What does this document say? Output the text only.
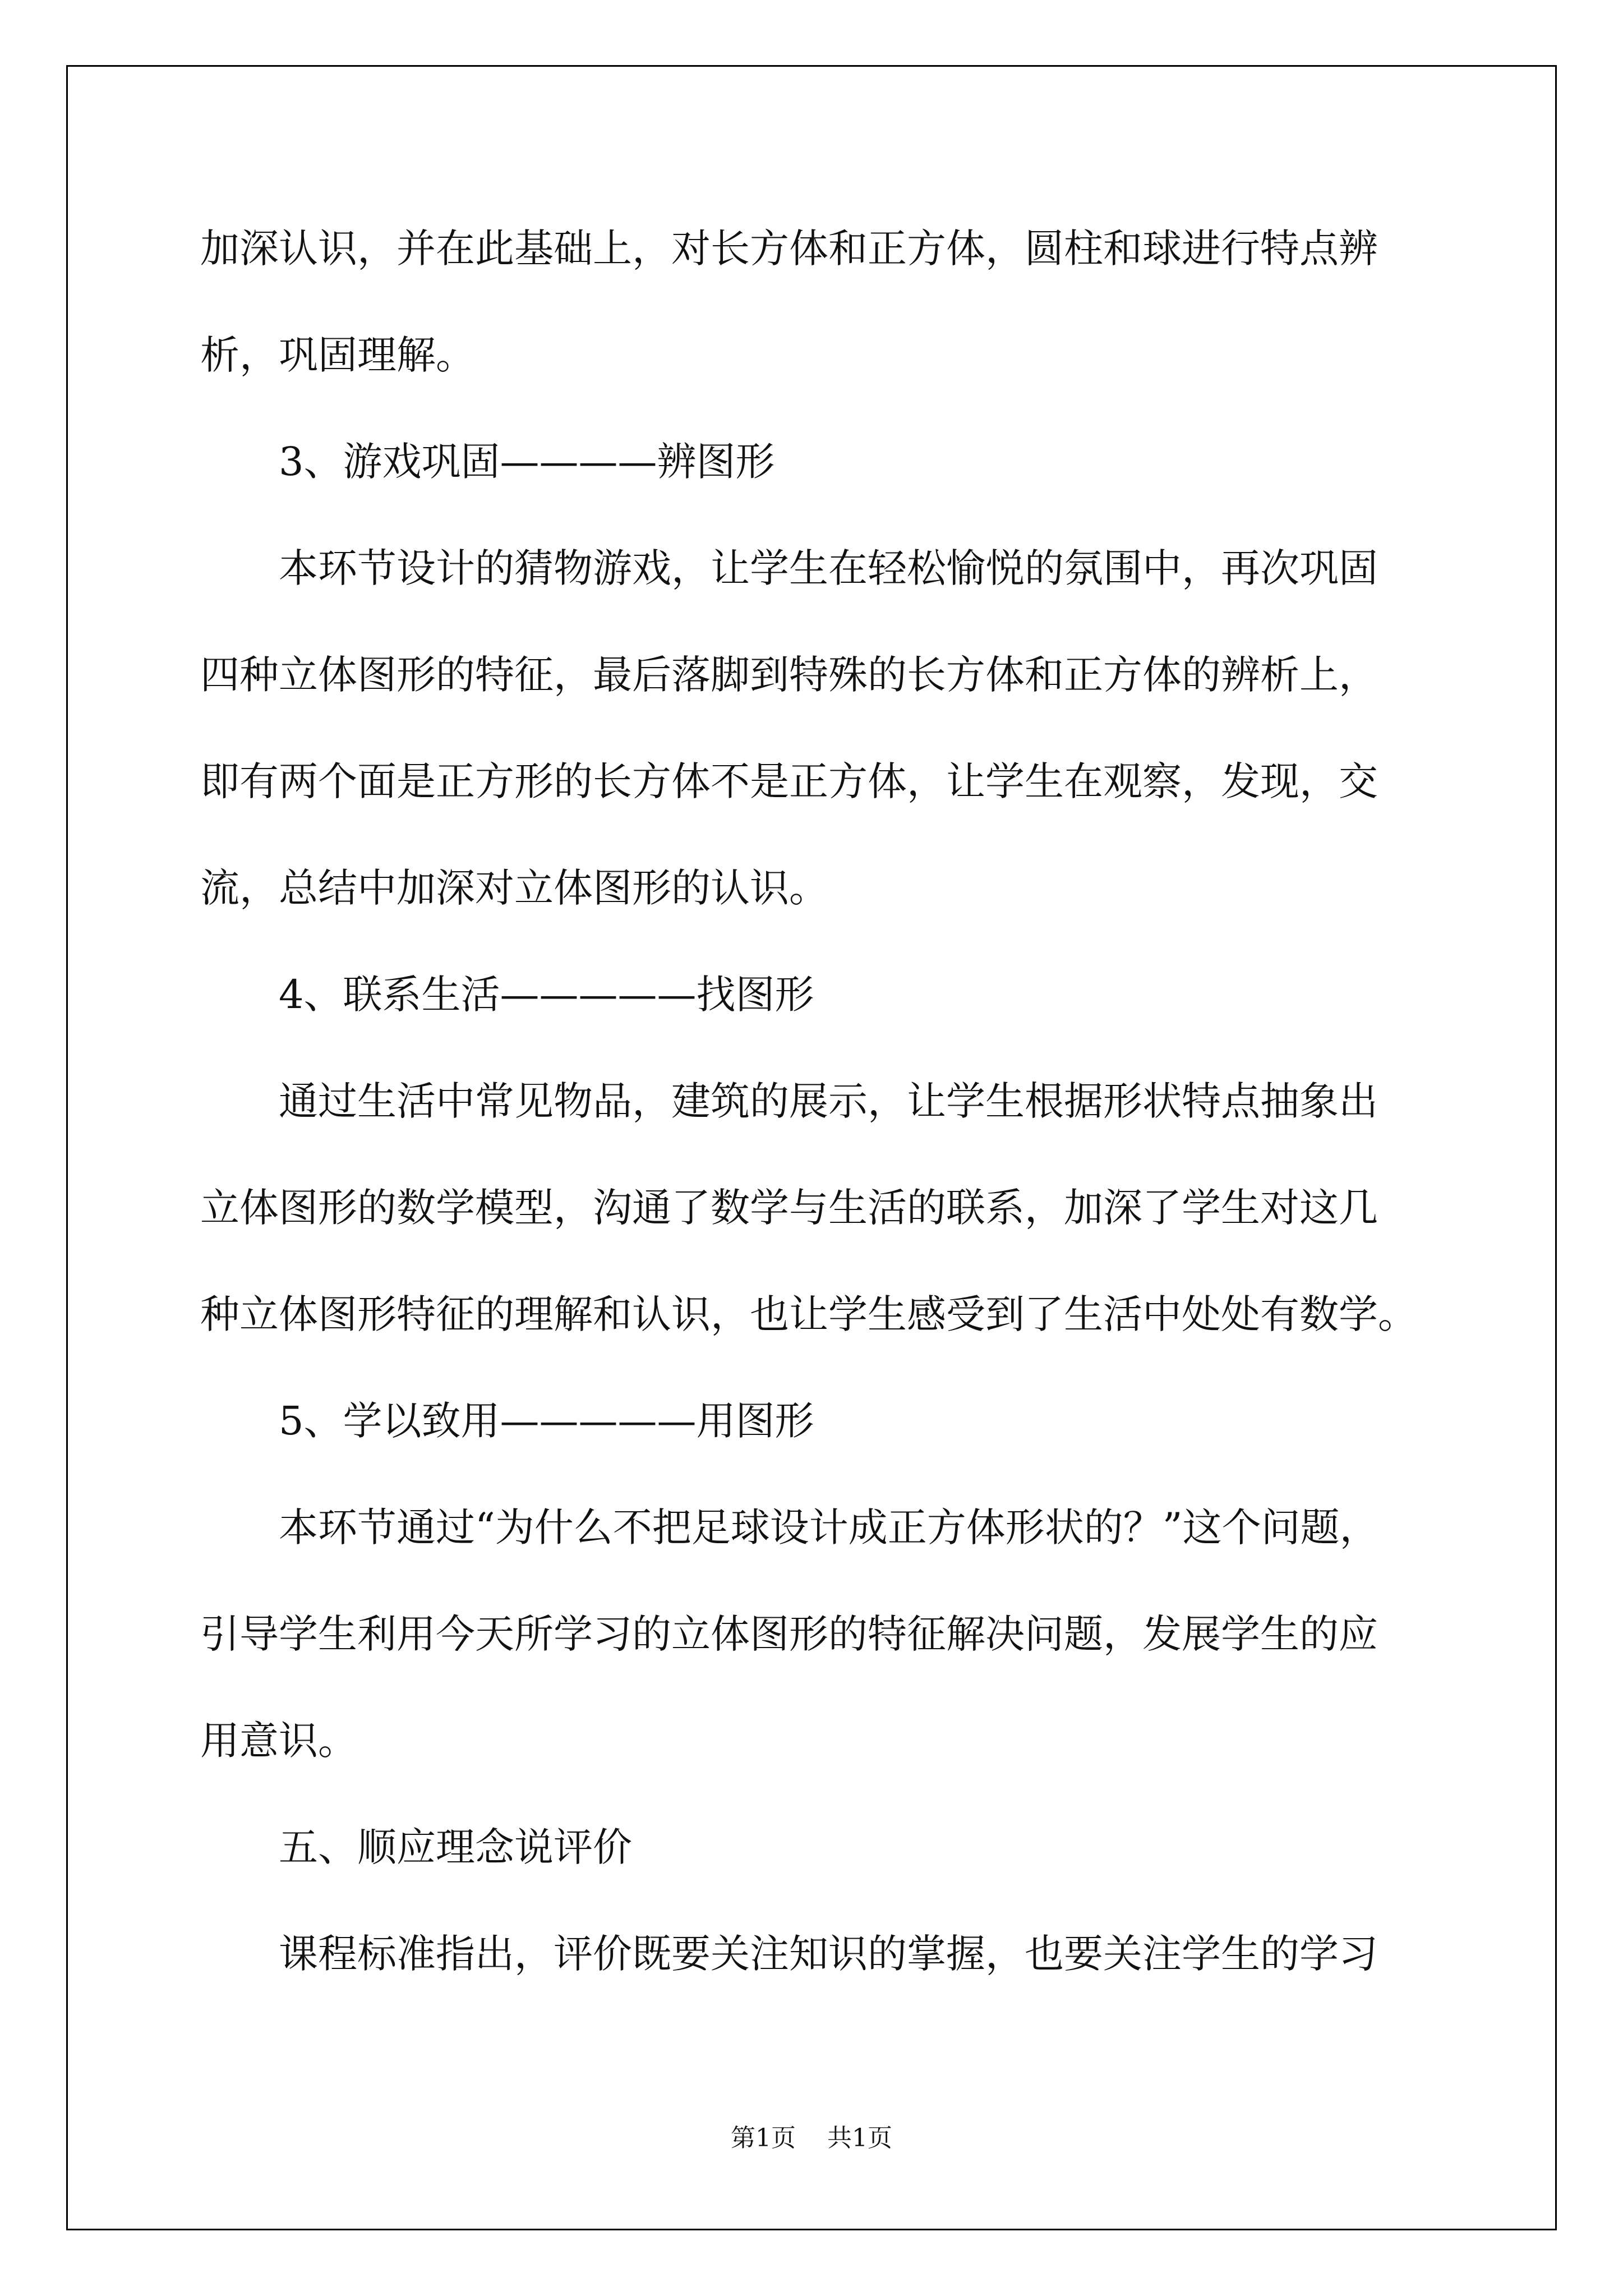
加深认识，并在此基础上，对长方体和正方体，圆柱和球进行特点辨
析，巩固理解。
3、游戏巩固————辨图形
本环节设计的猜物游戏，让学生在轻松愉悦的氛围中，再次巩固
四种立体图形的特征，最后落脚到特殊的长方体和正方体的辨析上，
即有两个面是正方形的长方体不是正方体，让学生在观察，发现，交
流，总结中加深对立体图形的认识。
4、联系生活—————找图形
通过生活中常见物品，建筑的展示，让学生根据形状特点抽象出
立体图形的数学模型，沟通了数学与生活的联系，加深了学生对这几
种立体图形特征的理解和认识，也让学生感受到了生活中处处有数学。
5、学以致用—————用图形
本环节通过“为什么不把足球设计成正方体形状的？”这个问题，
引导学生利用今天所学习的立体图形的特征解决问题，发展学生的应
用意识。
五、顺应理念说评价
课程标准指出，评价既要关注知识的掌握，也要关注学生的学习
第1页 共1页
